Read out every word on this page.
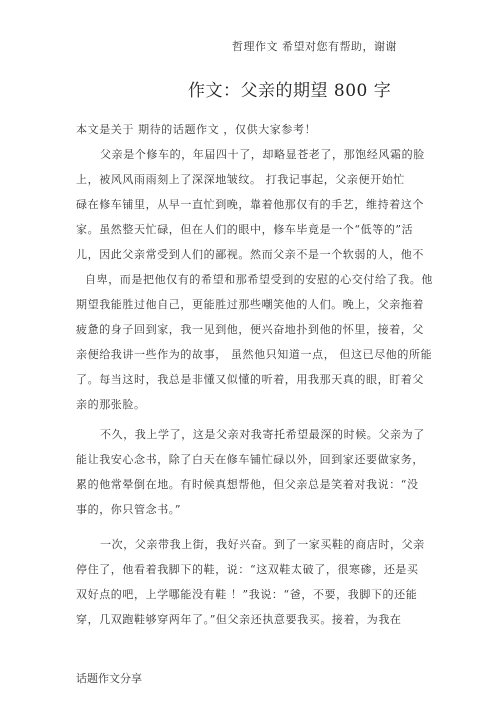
哲理作文 希望对您有帮助，谢谢
作文：父亲的期望 800 字
本文是关于 期待的话题作文 ，仅供大家参考！
父亲是个修车的，年届四十了，却略显苍老了，那饱经风霜的脸
上，被风风雨雨刻上了深深地皱纹。 打我记事起，父亲便开始忙
碌在修车铺里，从早一直忙到晚，靠着他那仅有的手艺，维持着这个
家。虽然整天忙碌，但在人们的眼中，修车毕竟是一个“低等的”活
儿，因此父亲常受到人们的鄙视。然而父亲不是一个软弱的人，他不
自卑，而是把他仅有的希望和那希望受到的安慰的心交付给了我。他
期望我能胜过他自己，更能胜过那些嘲笑他的人们。晚上，父亲拖着
疲惫的身子回到家，我一见到他，便兴奋地扑到他的怀里，接着，父
亲便给我讲一些作为的故事， 虽然他只知道一点， 但这已尽他的所能
了。每当这时，我总是非懂又似懂的听着，用我那天真的眼，盯着父
亲的那张脸。
不久，我上学了，这是父亲对我寄托希望最深的时候。父亲为了
能让我安心念书，除了白天在修车铺忙碌以外，回到家还要做家务，
累的他常晕倒在地。有时候真想帮他，但父亲总是笑着对我说：“没
事的，你只管念书。”
一次，父亲带我上街，我好兴奋。到了一家买鞋的商店时，父亲
停住了，他看着我脚下的鞋，说：“这双鞋太破了，很寒碜，还是买
双好点的吧，上学哪能没有鞋 ！”我说：“爸，不要，我脚下的还能
穿，几双跑鞋够穿两年了。”但父亲还执意要我买。接着，为我在
话题作文分享
